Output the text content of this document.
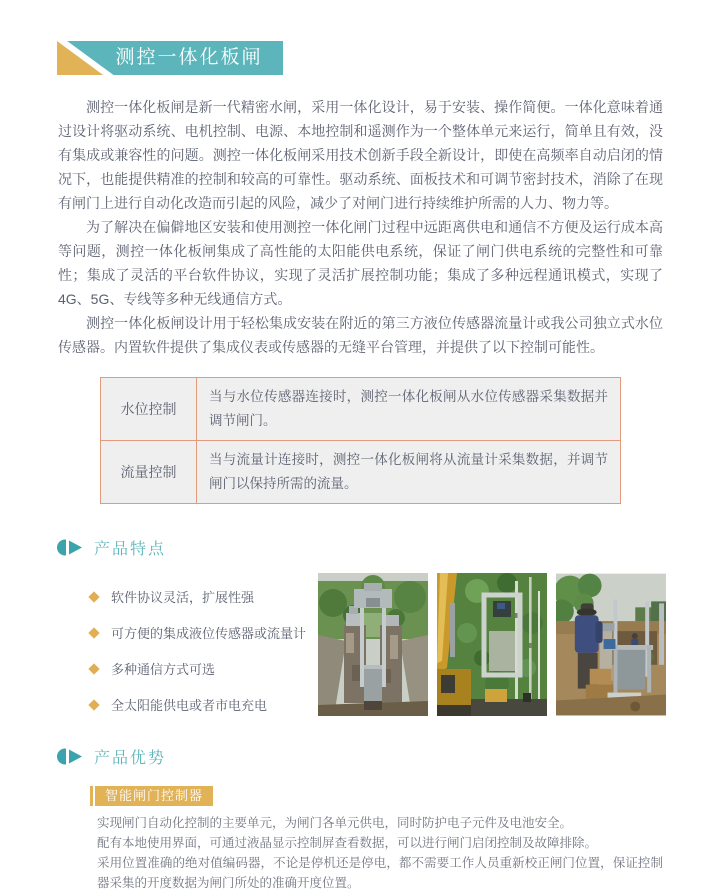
测控一体化板闸

测控一体化板闸是新一代精密水闸，采用一体化设计，易于安装、操作简便。一体化意味着通过设计将驱动系统、电机控制、电源、本地控制和遥测作为一个整体单元来运行，简单且有效，没有集成或兼容性的问题。测控一体化板闸采用技术创新手段全新设计，即使在高频率自动启闭的情况下，也能提供精准的控制和较高的可靠性。驱动系统、面板技术和可调节密封技术，消除了在现有闸门上进行自动化改造而引起的风险，减少了对闸门进行持续维护所需的人力、物力等。

为了解决在偏僻地区安装和使用测控一体化闸门过程中远距离供电和通信不方便及运行成本高等问题，测控一体化板闸集成了高性能的太阳能供电系统，保证了闸门供电系统的完整性和可靠性；集成了灵活的平台软件协议，实现了灵活扩展控制功能；集成了多种远程通讯模式，实现了4G、5G、专线等多种无线通信方式。

测控一体化板闸设计用于轻松集成安装在附近的第三方液位传感器流量计或我公司独立式水位传感器。内置软件提供了集成仪表或传感器的无缝平台管理，并提供了以下控制可能性。

水位控制
当与水位传感器连接时，测控一体化板闸从水位传感器采集数据并调节闸门。
流量控制
当与流量计连接时，测控一体化板闸将从流量计采集数据，并调节闸门以保持所需的流量。
产品特点
软件协议灵活，扩展性强
可方便的集成液位传感器或流量计
多种通信方式可选
全太阳能供电或者市电充电
产品优势
智能闸门控制器

实现闸门自动化控制的主要单元，为闸门各单元供电，同时防护电子元件及电池安全。

配有本地使用界面，可通过液晶显示控制屏查看数据，可以进行闸门启闭控制及故障排除。

采用位置准确的绝对值编码器，不论是停机还是停电，都不需要工作人员重新校正闸门位置，保证控制器采集的开度数据为闸门所处的准确开度位置。
